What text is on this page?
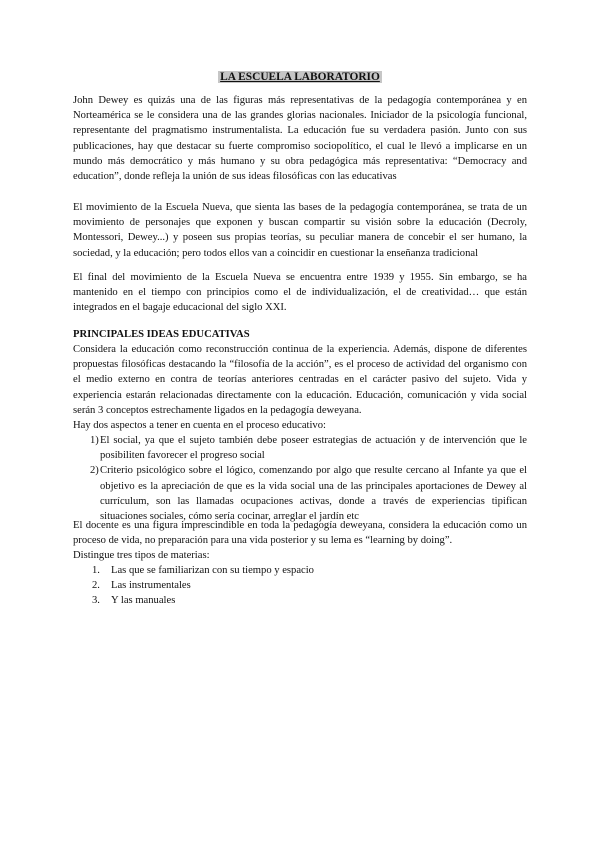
LA ESCUELA LABORATORIO

John Dewey es quizás una de las figuras más representativas de la pedagogía contemporánea y en Norteamérica se le considera una de las grandes glorias nacionales. Iniciador de la psicología funcional, representante del pragmatismo instrumentalista. La educación fue su verdadera pasión. Junto con sus publicaciones, hay que destacar su fuerte compromiso sociopolítico, el cual le llevó a implicarse en un mundo más democrático y más humano y su obra pedagógica más representativa: “Democracy and education”, donde refleja la unión de sus ideas filosóficas con las educativas

El movimiento de la Escuela Nueva, que sienta las bases de la pedagogía contemporánea, se trata de un movimiento de personajes que exponen y buscan compartir su visión sobre la educación (Decroly, Montessori, Dewey...) y poseen sus propias teorías, su peculiar manera de concebir el ser humano, la sociedad, y la educación; pero todos ellos van a coincidir en cuestionar la enseñanza tradicional

El final del movimiento de la Escuela Nueva se encuentra entre 1939 y 1955. Sin embargo, se ha mantenido en el tiempo con principios como el de individualización, el de creatividad… que están integrados en el bagaje educacional del siglo XXI.

PRINCIPALES IDEAS EDUCATIVAS

Considera la educación como reconstrucción continua de la experiencia. Además, dispone de diferentes propuestas filosóficas destacando la “filosofía de la acción”, es el proceso de actividad del organismo con el medio externo en contra de teorías anteriores centradas en el carácter pasivo del sujeto. Vida y experiencia estarán relacionadas directamente con la educación. Educación, comunicación y vida social serán 3 conceptos estrechamente ligados en la pedagogía deweyana.

Hay dos aspectos a tener en cuenta en el proceso educativo:

1) El social, ya que el sujeto también debe poseer estrategias de actuación y de intervención que le posibiliten favorecer el progreso social
2) Criterio psicológico sobre el lógico, comenzando por algo que resulte cercano al Infante ya que el objetivo es la apreciación de que es la vida social una de las principales aportaciones de Dewey al currículum, son las llamadas ocupaciones activas, donde a través de experiencias tipifican situaciones sociales, cómo sería cocinar, arreglar el jardín etc

El docente es una figura imprescindible en toda la pedagogía deweyana, considera la educación como un proceso de vida, no preparación para una vida posterior y su lema es “learning by doing”.

Distingue tres tipos de materias:

1. Las que se familiarizan con su tiempo y espacio
2. Las instrumentales
3. Y las manuales
